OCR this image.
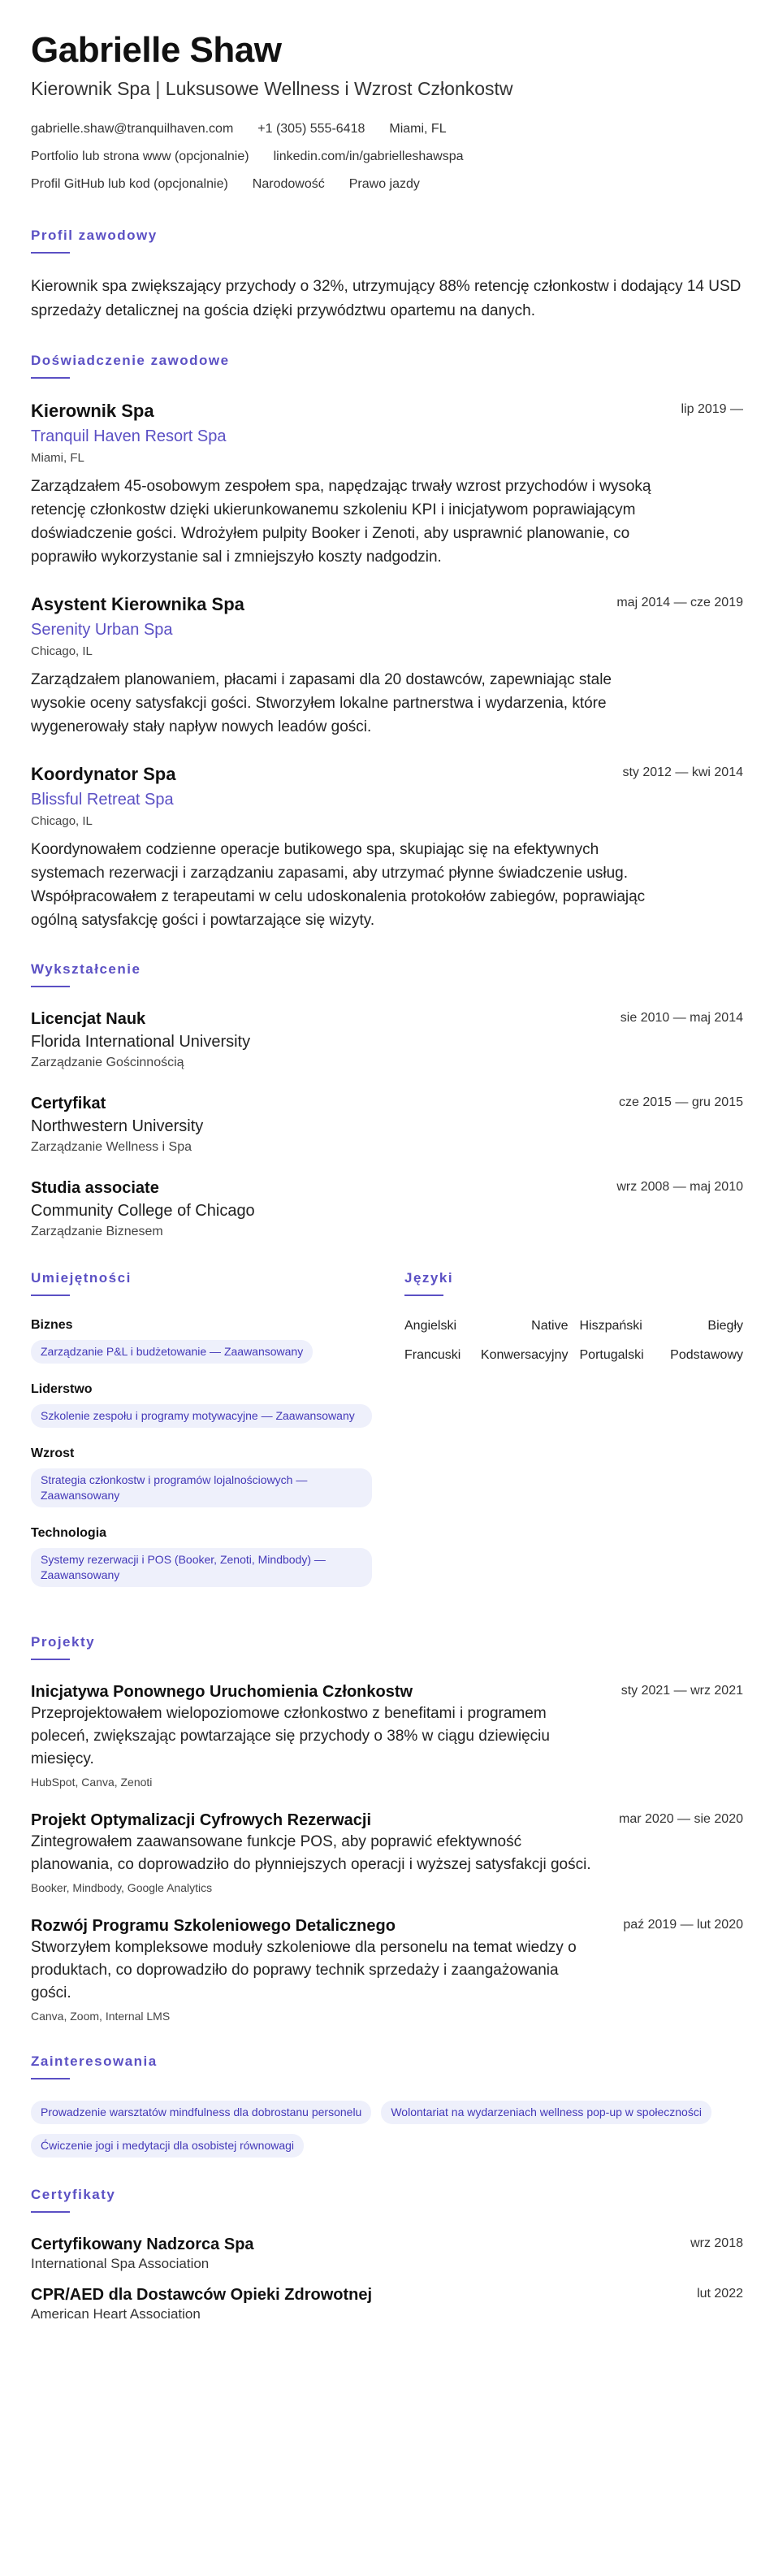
Gabrielle Shaw
Kierownik Spa | Luksusowe Wellness i Wzrost Członkostw
gabrielle.shaw@tranquilhaven.com +1 (305) 555-6418 Miami, FL
Portfolio lub strona www (opcjonalnie) linkedin.com/in/gabrielleshawspa
Profil GitHub lub kod (opcjonalnie) Narodowość Prawo jazdy
Profil zawodowy

Kierownik spa zwiększający przychody o 32%, utrzymujący 88% retencję członkostw i dodający 14 USD sprzedaży detalicznej na gościa dzięki przywództwu opartemu na danych.

Doświadczenie zawodowe
Kierownik Spa	lip 2019 —
Tranquil Haven Resort Spa
Miami, FL

Zarządzałem 45-osobowym zespołem spa, napędzając trwały wzrost przychodów i wysoką retencję członkostw dzięki ukierunkowanemu szkoleniu KPI i inicjatywom poprawiającym doświadczenie gości. Wdrożyłem pulpity Booker i Zenoti, aby usprawnić planowanie, co poprawiło wykorzystanie sal i zmniejszyło koszty nadgodzin.

Asystent Kierownika Spa	maj 2014 — cze 2019
Serenity Urban Spa
Chicago, IL

Zarządzałem planowaniem, płacami i zapasami dla 20 dostawców, zapewniając stale wysokie oceny satysfakcji gości. Stworzyłem lokalne partnerstwa i wydarzenia, które wygenerowały stały napływ nowych leadów gości.

Koordynator Spa	sty 2012 — kwi 2014
Blissful Retreat Spa
Chicago, IL

Koordynowałem codzienne operacje butikowego spa, skupiając się na efektywnych systemach rezerwacji i zarządzaniu zapasami, aby utrzymać płynne świadczenie usług. Współpracowałem z terapeutami w celu udoskonalenia protokołów zabiegów, poprawiając ogólną satysfakcję gości i powtarzające się wizyty.

Wykształcenie
Licencjat Nauk	sie 2010 — maj 2014
Florida International University
Zarządzanie Gościnnością
Certyfikat	cze 2015 — gru 2015
Northwestern University
Zarządzanie Wellness i Spa
Studia associate	wrz 2008 — maj 2010
Community College of Chicago
Zarządzanie Biznesem
Umiejętności
Biznes
Zarządzanie P&L i budżetowanie — Zaawansowany
Liderstwo
Szkolenie zespołu i programy motywacyjne — Zaawansowany
Wzrost
Strategia członkostw i programów lojalnościowych — Zaawansowany
Technologia
Systemy rezerwacji i POS (Booker, Zenoti, Mindbody) — Zaawansowany
Języki
Angielski	Native Hiszpański	Biegły
Francuski Konwersacyjny Portugalski Podstawowy
Projekty
Inicjatywa Ponownego Uruchomienia Członkostw	sty 2021 — wrz 2021

Przeprojektowałem wielopoziomowe członkostwo z benefitami i programem poleceń, zwiększając powtarzające się przychody o 38% w ciągu dziewięciu miesięcy.

HubSpot, Canva, Zenoti
Projekt Optymalizacji Cyfrowych Rezerwacji	mar 2020 — sie 2020

Zintegrowałem zaawansowane funkcje POS, aby poprawić efektywność planowania, co doprowadziło do płynniejszych operacji i wyższej satysfakcji gości.

Booker, Mindbody, Google Analytics
Rozwój Programu Szkoleniowego Detalicznego	paź 2019 — lut 2020

Stworzyłem kompleksowe moduły szkoleniowe dla personelu na temat wiedzy o produktach, co doprowadziło do poprawy technik sprzedaży i zaangażowania gości.

Canva, Zoom, Internal LMS
Zainteresowania
Prowadzenie warsztatów mindfulness dla dobrostanu personelu	Wolontariat na wydarzeniach wellness pop-up w społeczności
Ćwiczenie jogi i medytacji dla osobistej równowagi
Certyfikaty
Certyfikowany Nadzorca Spa	wrz 2018
International Spa Association
CPR/AED dla Dostawców Opieki Zdrowotnej	lut 2022
American Heart Association
